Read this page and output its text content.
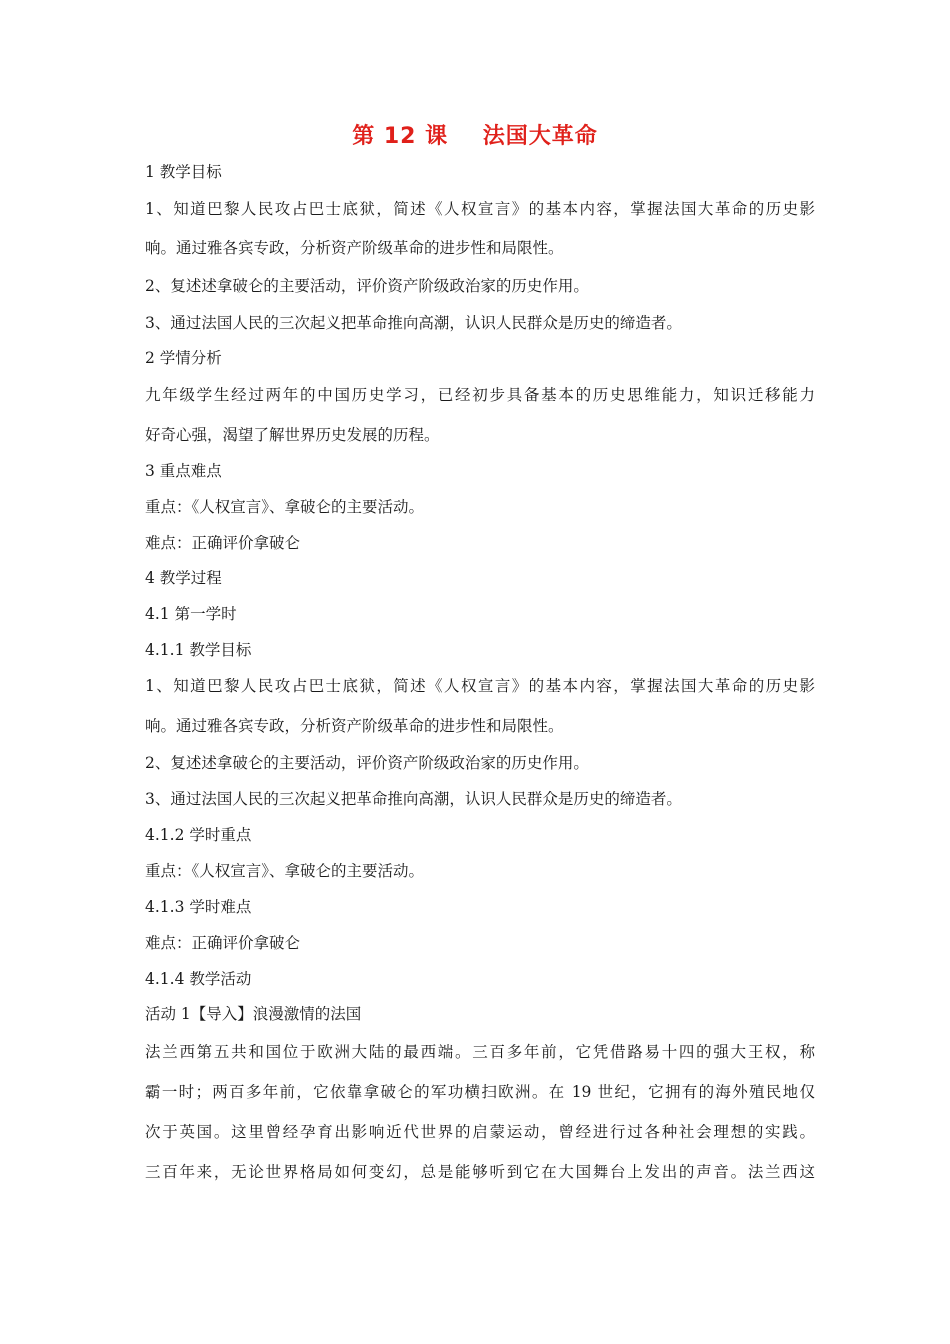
第 12 课    法国大革命
1 教学目标
1、知道巴黎人民攻占巴士底狱，简述《人权宣言》的基本内容，掌握法国大革命的历史影
响。通过雅各宾专政，分析资产阶级革命的进步性和局限性。
2、复述述拿破仑的主要活动，评价资产阶级政治家的历史作用。
3、通过法国人民的三次起义把革命推向高潮，认识人民群众是历史的缔造者。
2 学情分析
九年级学生经过两年的中国历史学习，已经初步具备基本的历史思维能力，知识迁移能力
好奇心强，渴望了解世界历史发展的历程。
3 重点难点
重点：《人权宣言》、拿破仑的主要活动。
难点：正确评价拿破仑
4 教学过程
4.1 第一学时
4.1.1 教学目标
1、知道巴黎人民攻占巴士底狱，简述《人权宣言》的基本内容，掌握法国大革命的历史影
响。通过雅各宾专政，分析资产阶级革命的进步性和局限性。
2、复述述拿破仑的主要活动，评价资产阶级政治家的历史作用。
3、通过法国人民的三次起义把革命推向高潮，认识人民群众是历史的缔造者。
4.1.2 学时重点
重点：《人权宣言》、拿破仑的主要活动。
4.1.3 学时难点
难点：正确评价拿破仑
4.1.4 教学活动
活动 1【导入】浪漫激情的法国
法兰西第五共和国位于欧洲大陆的最西端。三百多年前，它凭借路易十四的强大王权，称
霸一时；两百多年前，它依靠拿破仑的军功横扫欧洲。在 19 世纪，它拥有的海外殖民地仅
次于英国。这里曾经孕育出影响近代世界的启蒙运动，曾经进行过各种社会理想的实践。
三百年来，无论世界格局如何变幻，总是能够听到它在大国舞台上发出的声音。法兰西这
